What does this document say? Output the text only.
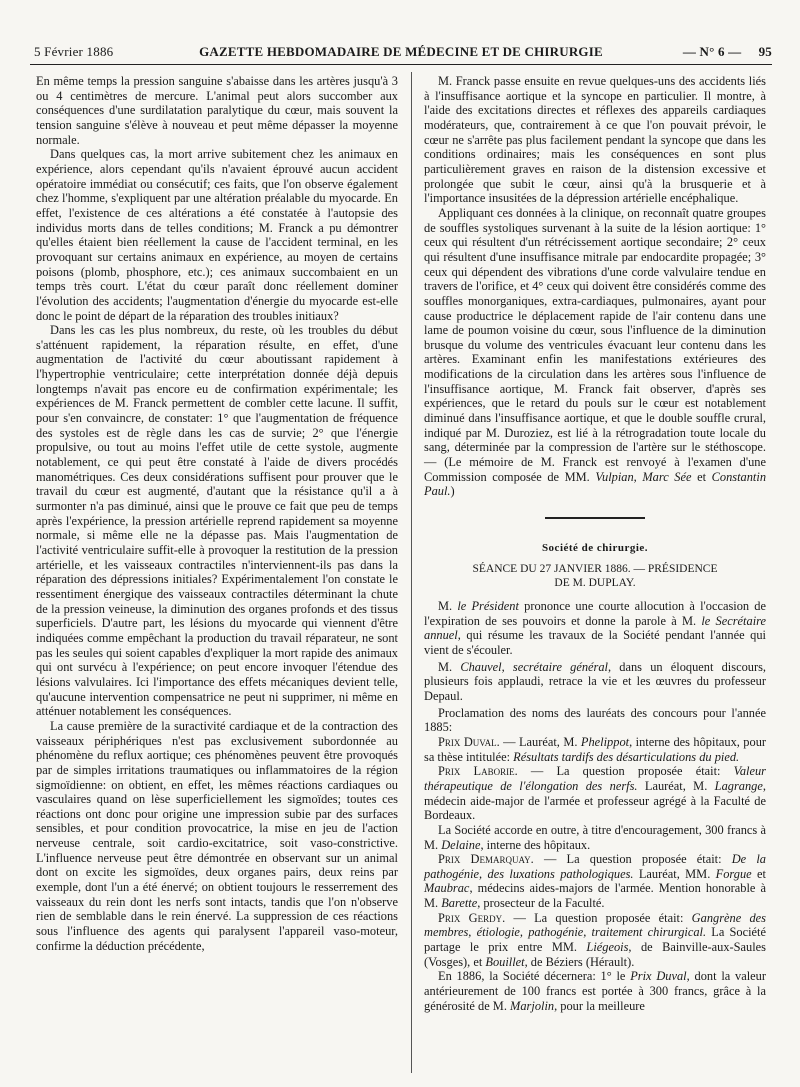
5 Février 1886	GAZETTE HEBDOMADAIRE DE MÉDECINE ET DE CHIRURGIE	— N° 6 — 95

En même temps la pression sanguine s'abaisse dans les artères jusqu'à 3 ou 4 centimètres de mercure. L'animal peut alors succomber aux conséquences d'une surdilatation paralytique du cœur, mais souvent la tension sanguine s'élève à nouveau et peut même dépasser la moyenne normale.

Dans quelques cas, la mort arrive subitement chez les animaux en expérience, alors cependant qu'ils n'avaient éprouvé aucun accident opératoire immédiat ou consécutif; ces faits, que l'on observe également chez l'homme, s'expliquent par une altération préalable du myocarde. En effet, l'existence de ces altérations a été constatée à l'autopsie des individus morts dans de telles conditions; M. Franck a pu démontrer qu'elles étaient bien réellement la cause de l'accident terminal, en les provoquant sur certains animaux en expérience, au moyen de certains poisons (plomb, phosphore, etc.); ces animaux succombaient en un temps très court. L'état du cœur paraît donc réellement dominer l'évolution des accidents; l'augmentation d'énergie du myocarde est-elle donc le point de départ de la réparation des troubles initiaux?

Dans les cas les plus nombreux, du reste, où les troubles du début s'atténuent rapidement, la réparation résulte, en effet, d'une augmentation de l'activité du cœur aboutissant rapidement à l'hypertrophie ventriculaire; cette interprétation donnée déjà depuis longtemps n'avait pas encore eu de confirmation expérimentale; les expériences de M. Franck permettent de combler cette lacune. Il suffit, pour s'en convaincre, de constater: 1° que l'augmentation de fréquence des systoles est de règle dans les cas de survie; 2° que l'énergie propulsive, ou tout au moins l'effet utile de cette systole, augmente notablement, ce qui peut être constaté à l'aide de divers procédés manométriques. Ces deux considérations suffisent pour prouver que le travail du cœur est augmenté, d'autant que la résistance qu'il a à surmonter n'a pas diminué, ainsi que le prouve ce fait que peu de temps après l'expérience, la pression artérielle reprend rapidement sa moyenne normale, si même elle ne la dépasse pas. Mais l'augmentation de l'activité ventriculaire suffit-elle à provoquer la restitution de la pression artérielle, et les vaisseaux contractiles n'interviennent-ils pas dans la réparation des dépressions initiales? Expérimentalement l'on constate le ressentiment énergique des vaisseaux contractiles déterminant la chute de la pression veineuse, la diminution des organes profonds et des tissus superficiels. D'autre part, les lésions du myocarde qui viennent d'être indiquées comme empêchant la production du travail réparateur, ne sont pas les seules qui soient capables d'expliquer la mort rapide des animaux qui ont survécu à l'expérience; on peut encore invoquer l'étendue des lésions valvulaires. Ici l'importance des effets mécaniques devient telle, qu'aucune intervention compensatrice ne peut ni supprimer, ni même en atténuer notablement les conséquences.

La cause première de la suractivité cardiaque et de la contraction des vaisseaux périphériques n'est pas exclusivement subordonnée au phénomène du reflux aortique; ces phénomènes peuvent être provoqués par de simples irritations traumatiques ou inflammatoires de la région sigmoïdienne: on obtient, en effet, les mêmes réactions cardiaques ou vasculaires quand on lèse superficiellement les sigmoïdes; toutes ces réactions ont donc pour origine une impression subie par des surfaces sensibles, et pour condition provocatrice, la mise en jeu de l'action nerveuse centrale, soit cardio-excitatrice, soit vaso-constrictive. L'influence nerveuse peut être démontrée en observant sur un animal dont on excite les sigmoïdes, deux organes pairs, deux reins par exemple, dont l'un a été énervé; on obtient toujours le resserrement des vaisseaux du rein dont les nerfs sont intacts, tandis que l'on n'observe rien de semblable dans le rein énervé. La suppression de ces réactions sous l'influence des agents qui paralysent l'appareil vaso-moteur, confirme la déduction précédente,

M. Franck passe ensuite en revue quelques-uns des accidents liés à l'insuffisance aortique et la syncope en particulier. Il montre, à l'aide des excitations directes et réflexes des appareils cardiaques modérateurs, que, contrairement à ce que l'on pouvait prévoir, le cœur ne s'arrête pas plus facilement pendant la syncope que dans les conditions ordinaires; mais les conséquences en sont plus particulièrement graves en raison de la distension excessive et prolongée que subit le cœur, ainsi qu'à la brusquerie et à l'importance insusitées de la dépression artérielle encéphalique.

Appliquant ces données à la clinique, on reconnaît quatre groupes de souffles systoliques survenant à la suite de la lésion aortique: 1° ceux qui résultent d'un rétrécissement aortique secondaire; 2° ceux qui résultent d'une insuffisance mitrale par endocardite propagée; 3° ceux qui dépendent des vibrations d'une corde valvulaire tendue en travers de l'orifice, et 4° ceux qui doivent être considérés comme des souffles monorganiques, extra-cardiaques, pulmonaires, ayant pour cause productrice le déplacement rapide de l'air contenu dans une lame de poumon voisine du cœur, sous l'influence de la diminution brusque du volume des ventricules évacuant leur contenu dans les artères. Examinant enfin les manifestations extérieures des modifications de la circulation dans les artères sous l'influence de l'insuffisance aortique, M. Franck fait observer, d'après ses expériences, que le retard du pouls sur le cœur est notablement diminué dans l'insuffisance aortique, et que le double souffle crural, indiqué par M. Duroziez, est lié à la rétrogradation toute locale du sang, déterminée par la compression de l'artère sur le stéthoscope. — (Le mémoire de M. Franck est renvoyé à l'examen d'une Commission composée de MM. Vulpian, Marc Sée et Constantin Paul.)

Société de chirurgie.
SÉANCE DU 27 JANVIER 1886. — PRÉSIDENCE
DE M. DUPLAY.

M. le Président prononce une courte allocution à l'occasion de l'expiration de ses pouvoirs et donne la parole à M. le Secrétaire annuel, qui résume les travaux de la Société pendant l'année qui vient de s'écouler.

M. Chauvel, secrétaire général, dans un éloquent discours, plusieurs fois applaudi, retrace la vie et les œuvres du professeur Depaul.

Proclamation des noms des lauréats des concours pour l'année 1885:

Prix Duval. — Lauréat, M. Phelippot, interne des hôpitaux, pour sa thèse intitulée: Résultats tardifs des désarticulations du pied.

Prix Laborie. — La question proposée était: Valeur thérapeutique de l'élongation des nerfs. Lauréat, M. Lagrange, médecin aide-major de l'armée et professeur agrégé à la Faculté de Bordeaux.

La Société accorde en outre, à titre d'encouragement, 300 francs à M. Delaine, interne des hôpitaux.

Prix Demarquay. — La question proposée était: De la pathogénie, des luxations pathologiques. Lauréat, MM. Forgue et Maubrac, médecins aides-majors de l'armée. Mention honorable à M. Barette, prosecteur de la Faculté.

Prix Gerdy. — La question proposée était: Gangrène des membres, étiologie, pathogénie, traitement chirurgical. La Société partage le prix entre MM. Liégeois, de Bainville-aux-Saules (Vosges), et Bouillet, de Béziers (Hérault).

En 1886, la Société décernera: 1° le Prix Duval, dont la valeur antérieurement de 100 francs est portée à 300 francs, grâce à la générosité de M. Marjolin, pour la meilleure
